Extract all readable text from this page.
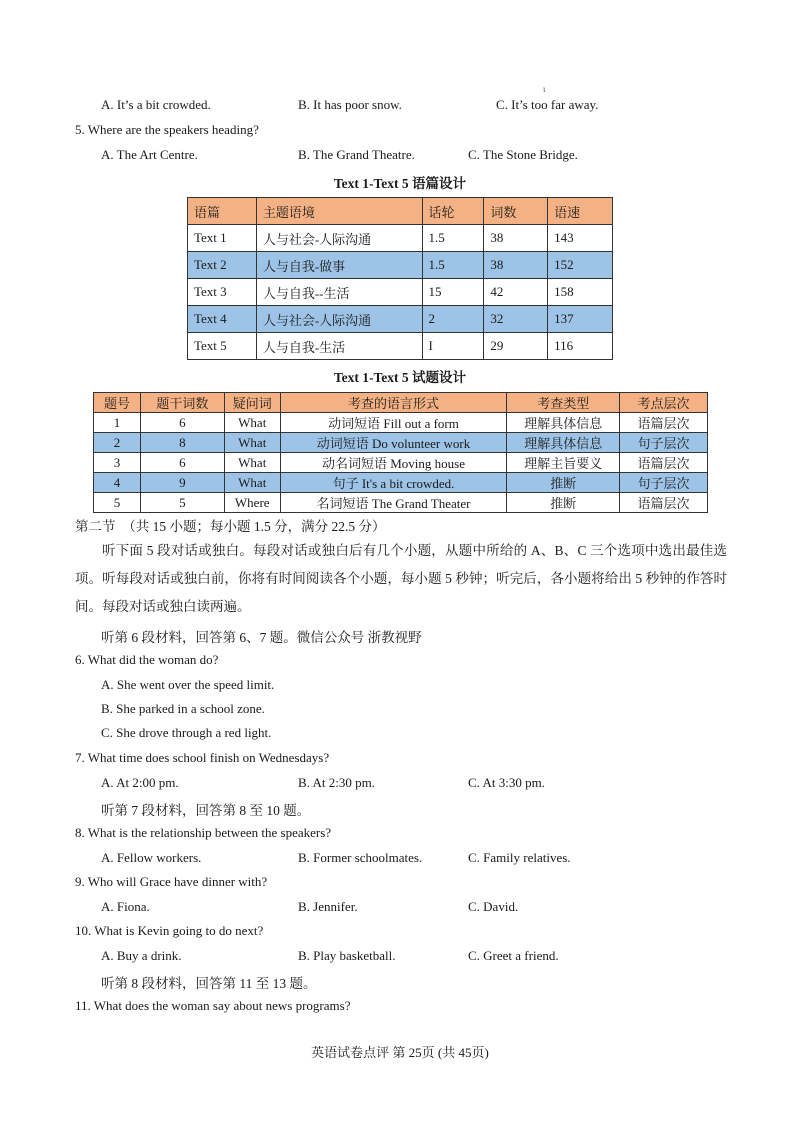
ι
A. It’s a bit crowded.	B. It has poor snow.	C. It’s too far away.
5. Where are the speakers heading?
A. The Art Centre.	B. The Grand Theatre.	C. The Stone Bridge.
Text 1-Text 5 语篇设计
语篇	主题语境	话轮	词数	语速
Text 1	人与社会-人际沟通	1.5	38	143
Text 2	人与自我-做事	1.5	38	152
Text 3	人与自我--生活	15	42	158
Text 4	人与社会-人际沟通	2	32	137
Text 5	人与自我-生活	I	29	116
Text 1-Text 5 试题设计
题号	题干词数	疑问词	考查的语言形式	考查类型	考点层次
1	6	What	动词短语 Fill out a form	理解具体信息	语篇层次
2	8	What	动词短语 Do volunteer work	理解具体信息	句子层次
3	6	What	动名词短语 Moving house	理解主旨要义	语篇层次
4	9	What	句子 It's a bit crowded.	推断	句子层次
5	5	Where	名词短语 The Grand Theater	推断	语篇层次
第二节　（共 15 小题；每小题 1.5 分，满分 22.5 分）
听下面 5 段对话或独白。每段对话或独白后有几个小题，从题中所给的 A、B、C 三个选项中选出最佳选项。听每段对话或独白前，你将有时间阅读各个小题，每小题 5 秒钟；听完后，各小题将给出 5 秒钟的作答时间。每段对话或独白读两遍。
听第 6 段材料，回答第 6、7 题。微信公众号 浙教视野
6. What did the woman do?
A. She went over the speed limit.
B. She parked in a school zone.
C. She drove through a red light.
7. What time does school finish on Wednesdays?
A. At 2:00 pm.	B. At 2:30 pm.	C. At 3:30 pm.
听第 7 段材料，回答第 8 至 10 题。
8. What is the relationship between the speakers?
A. Fellow workers.	B. Former schoolmates.	C. Family relatives.
9. Who will Grace have dinner with?
A. Fiona.	B. Jennifer.	C. David.
10. What is Kevin going to do next?
A. Buy a drink.	B. Play basketball.	C. Greet a friend.
听第 8 段材料，回答第 11 至 13 题。
11. What does the woman say about news programs?
英语试卷点评 第 25页 (共 45页)
